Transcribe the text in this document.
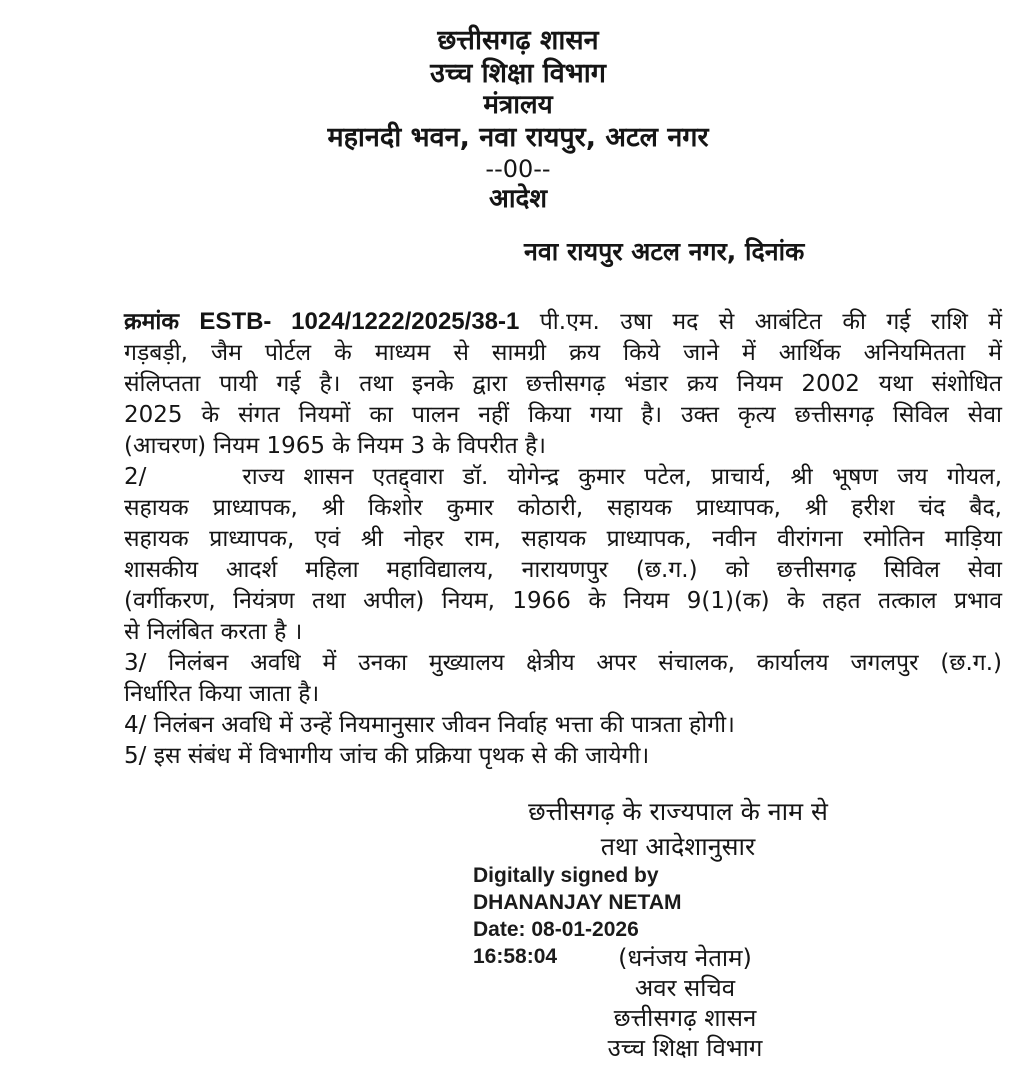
छत्तीसगढ़ शासन
उच्च शिक्षा विभाग
मंत्रालय
महानदी भवन, नवा रायपुर, अटल नगर
--00--
आदेश
नवा रायपुर अटल नगर, दिनांक
क्रमांक ESTB- 1024/1222/2025/38-1 पी.एम. उषा मद से आबंटित की गई राशि में
गड़बड़ी, जैम पोर्टल के माध्यम से सामग्री क्रय किये जाने में आर्थिक अनियमितता में
संलिप्तता पायी गई है। तथा इनके द्वारा छत्तीसगढ़ भंडार क्रय नियम 2002 यथा संशोधित
2025 के संगत नियमों का पालन नहीं किया गया है। उक्त कृत्य छत्तीसगढ़ सिविल सेवा
(आचरण) नियम 1965 के नियम 3 के विपरीत है।
2/     राज्य शासन एतद्द्वारा डॉ. योगेन्द्र कुमार पटेल, प्राचार्य, श्री भूषण जय गोयल,
सहायक प्राध्यापक, श्री किशोर कुमार कोठारी, सहायक प्राध्यापक, श्री हरीश चंद बैद,
सहायक प्राध्यापक, एवं श्री नोहर राम, सहायक प्राध्यापक, नवीन वीरांगना रमोतिन माड़िया
शासकीय आदर्श महिला महाविद्यालय, नारायणपुर (छ.ग.) को छत्तीसगढ़ सिविल सेवा
(वर्गीकरण, नियंत्रण तथा अपील) नियम, 1966 के नियम 9(1)(क) के तहत तत्काल प्रभाव
से निलंबित करता है ।
3/ निलंबन अवधि में उनका मुख्यालय क्षेत्रीय अपर संचालक, कार्यालय जगलपुर (छ.ग.)
निर्धारित किया जाता है।
4/ निलंबन अवधि में उन्हें नियमानुसार जीवन निर्वाह भत्ता की पात्रता होगी।
5/ इस संबंध में विभागीय जांच की प्रक्रिया पृथक से की जायेगी।
छत्तीसगढ़ के राज्यपाल के नाम से
तथा आदेशानुसार
Digitally signed by
DHANANJAY NETAM
Date: 08-01-2026
16:58:04	(धनंजय नेताम)
अवर सचिव
छत्तीसगढ़ शासन
उच्च शिक्षा विभाग
